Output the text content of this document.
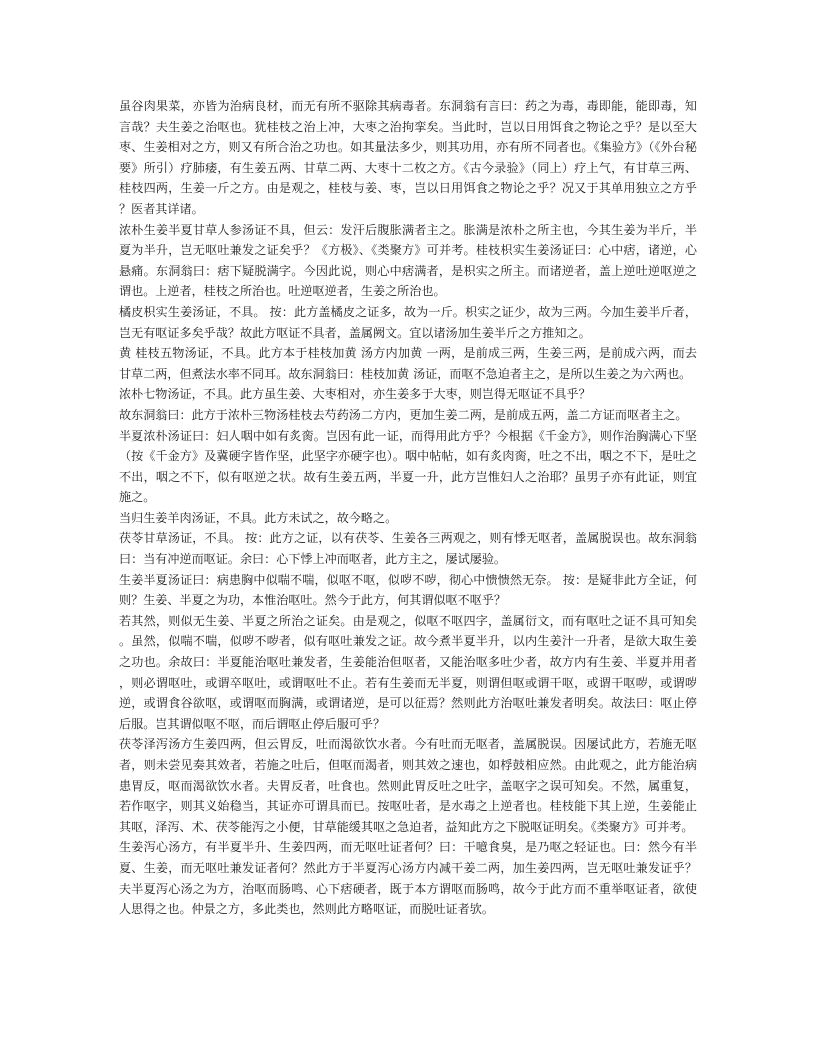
虽谷肉果菜，亦皆为治病良材，而无有所不驱除其病毒者。东洞翁有言曰：药之为毒，毒即能，能即毒，知言哉？夫生姜之治呕也。犹桂枝之治上冲，大枣之治拘挛矣。当此时，岂以日用饵食之物论之乎？是以至大枣、生姜相对之方，则又有所合治之功也。如其量法多少，则其功用，亦有所不同者也。《集验方》（《外台秘要》所引）疗肺痿，有生姜五两、甘草二两、大枣十二枚之方。《古今录验》（同上）疗上气，有甘草三两、桂枝四两，生姜一斤之方。由是观之，桂枝与姜、枣，岂以日用饵食之物论之乎？况又于其单用独立之方乎？医者其详诸。

浓朴生姜半夏甘草人参汤证不具，但云：发汗后腹胀满者主之。胀满是浓朴之所主也，今其生姜为半斤，半夏为半升，岂无呕吐兼发之证矣乎？《方极》、《类聚方》可并考。桂枝枳实生姜汤证曰：心中痞，诸逆，心悬痛。东洞翁曰：痞下疑脱满字。今因此说，则心中痞满者，是枳实之所主。而诸逆者，盖上逆吐逆呕逆之谓也。上逆者，桂枝之所治也。吐逆呕逆者，生姜之所治也。

橘皮枳实生姜汤证，不具。 按：此方盖橘皮之证多，故为一斤。枳实之证少，故为三两。今加生姜半斤者，岂无有呕证多矣乎哉？故此方呕证不具者，盖属阙文。宜以诸汤加生姜半斤之方推知之。

黄 桂枝五物汤证，不具。此方本于桂枝加黄 汤方内加黄 一两，是前成三两，生姜三两，是前成六两，而去甘草二两，但煮法水率不同耳。故东洞翁曰：桂枝加黄 汤证，而呕不急迫者主之，是所以生姜之为六两也。

浓朴七物汤证，不具。此方虽生姜、大枣相对，亦生姜多于大枣，则岂得无呕证不具乎？

故东洞翁曰：此方于浓朴三物汤桂枝去芍药汤二方内，更加生姜二两，是前成五两，盖二方证而呕者主之。

半夏浓朴汤证曰：妇人咽中如有炙脔。岂因有此一证，而得用此方乎？今根据《千金方》，则作治胸满心下坚（按《千金方》及冀硬字皆作坚，此坚字亦硬字也）。咽中帖帖，如有炙肉脔，吐之不出，咽之不下，是吐之不出，咽之不下，似有呕逆之状。故有生姜五两，半夏一升，此方岂惟妇人之治耶？虽男子亦有此证，则宜施之。

当归生姜羊肉汤证，不具。此方未试之，故今略之。

茯苓甘草汤证，不具。 按：此方之证，以有茯苓、生姜各三两观之，则有悸无呕者，盖属脱误也。故东洞翁曰：当有冲逆而呕证。余曰：心下悸上冲而呕者，此方主之，屡试屡验。

生姜半夏汤证曰：病患胸中似喘不喘，似呕不呕，似哕不哕，彻心中愦愦然无奈。 按：是疑非此方全证，何则？生姜、半夏之为功，本惟治呕吐。然今于此方，何其谓似呕不呕乎？

若其然，则似无生姜、半夏之所治之证矣。由是观之，似呕不呕四字，盖属衍文，而有呕吐之证不具可知矣。虽然，似喘不喘，似哕不哕者，似有呕吐兼发之证。故今煮半夏半升，以内生姜汁一升者，是欲大取生姜之功也。余故曰：半夏能治呕吐兼发者，生姜能治但呕者，又能治呕多吐少者，故方内有生姜、半夏并用者，则必谓呕吐，或谓卒呕吐，或谓呕吐不止。若有生姜而无半夏，则谓但呕或谓干呕，或谓干呕哕，或谓哕逆，或谓食谷欲呕，或谓呕而胸满，或谓诸逆，是可以征焉？然则此方治呕吐兼发者明矣。故法曰：呕止停后服。岂其谓似呕不呕，而后谓呕止停后服可乎？

茯苓泽泻汤方生姜四两，但云胃反，吐而渴欲饮水者。今有吐而无呕者，盖属脱误。因屡试此方，若施无呕者，则未尝见奏其效者，若施之吐后，但呕而渴者，则其效之速也，如桴鼓相应然。由此观之，此方能治病患胃反，呕而渴欲饮水者。夫胃反者，吐食也。然则此胃反吐之吐字，盖呕字之误可知矣。不然，属重复，若作呕字，则其义始稳当，其证亦可谓具而已。按呕吐者，是水毒之上逆者也。桂枝能下其上逆，生姜能止其呕，泽泻、术、茯苓能泻之小便，甘草能缓其呕之急迫者，益知此方之下脱呕证明矣。《类聚方》可并考。

生姜泻心汤方，有半夏半升、生姜四两，而无呕吐证者何？曰：干噫食臭，是乃呕之轻证也。曰：然今有半夏、生姜，而无呕吐兼发证者何？然此方于半夏泻心汤方内减干姜二两，加生姜四两，岂无呕吐兼发证乎？夫半夏泻心汤之为方，治呕而肠鸣、心下痞硬者，既于本方谓呕而肠鸣，故今于此方而不重举呕证者，欲使人思得之也。仲景之方，多此类也，然则此方略呕证，而脱吐证者欤。
